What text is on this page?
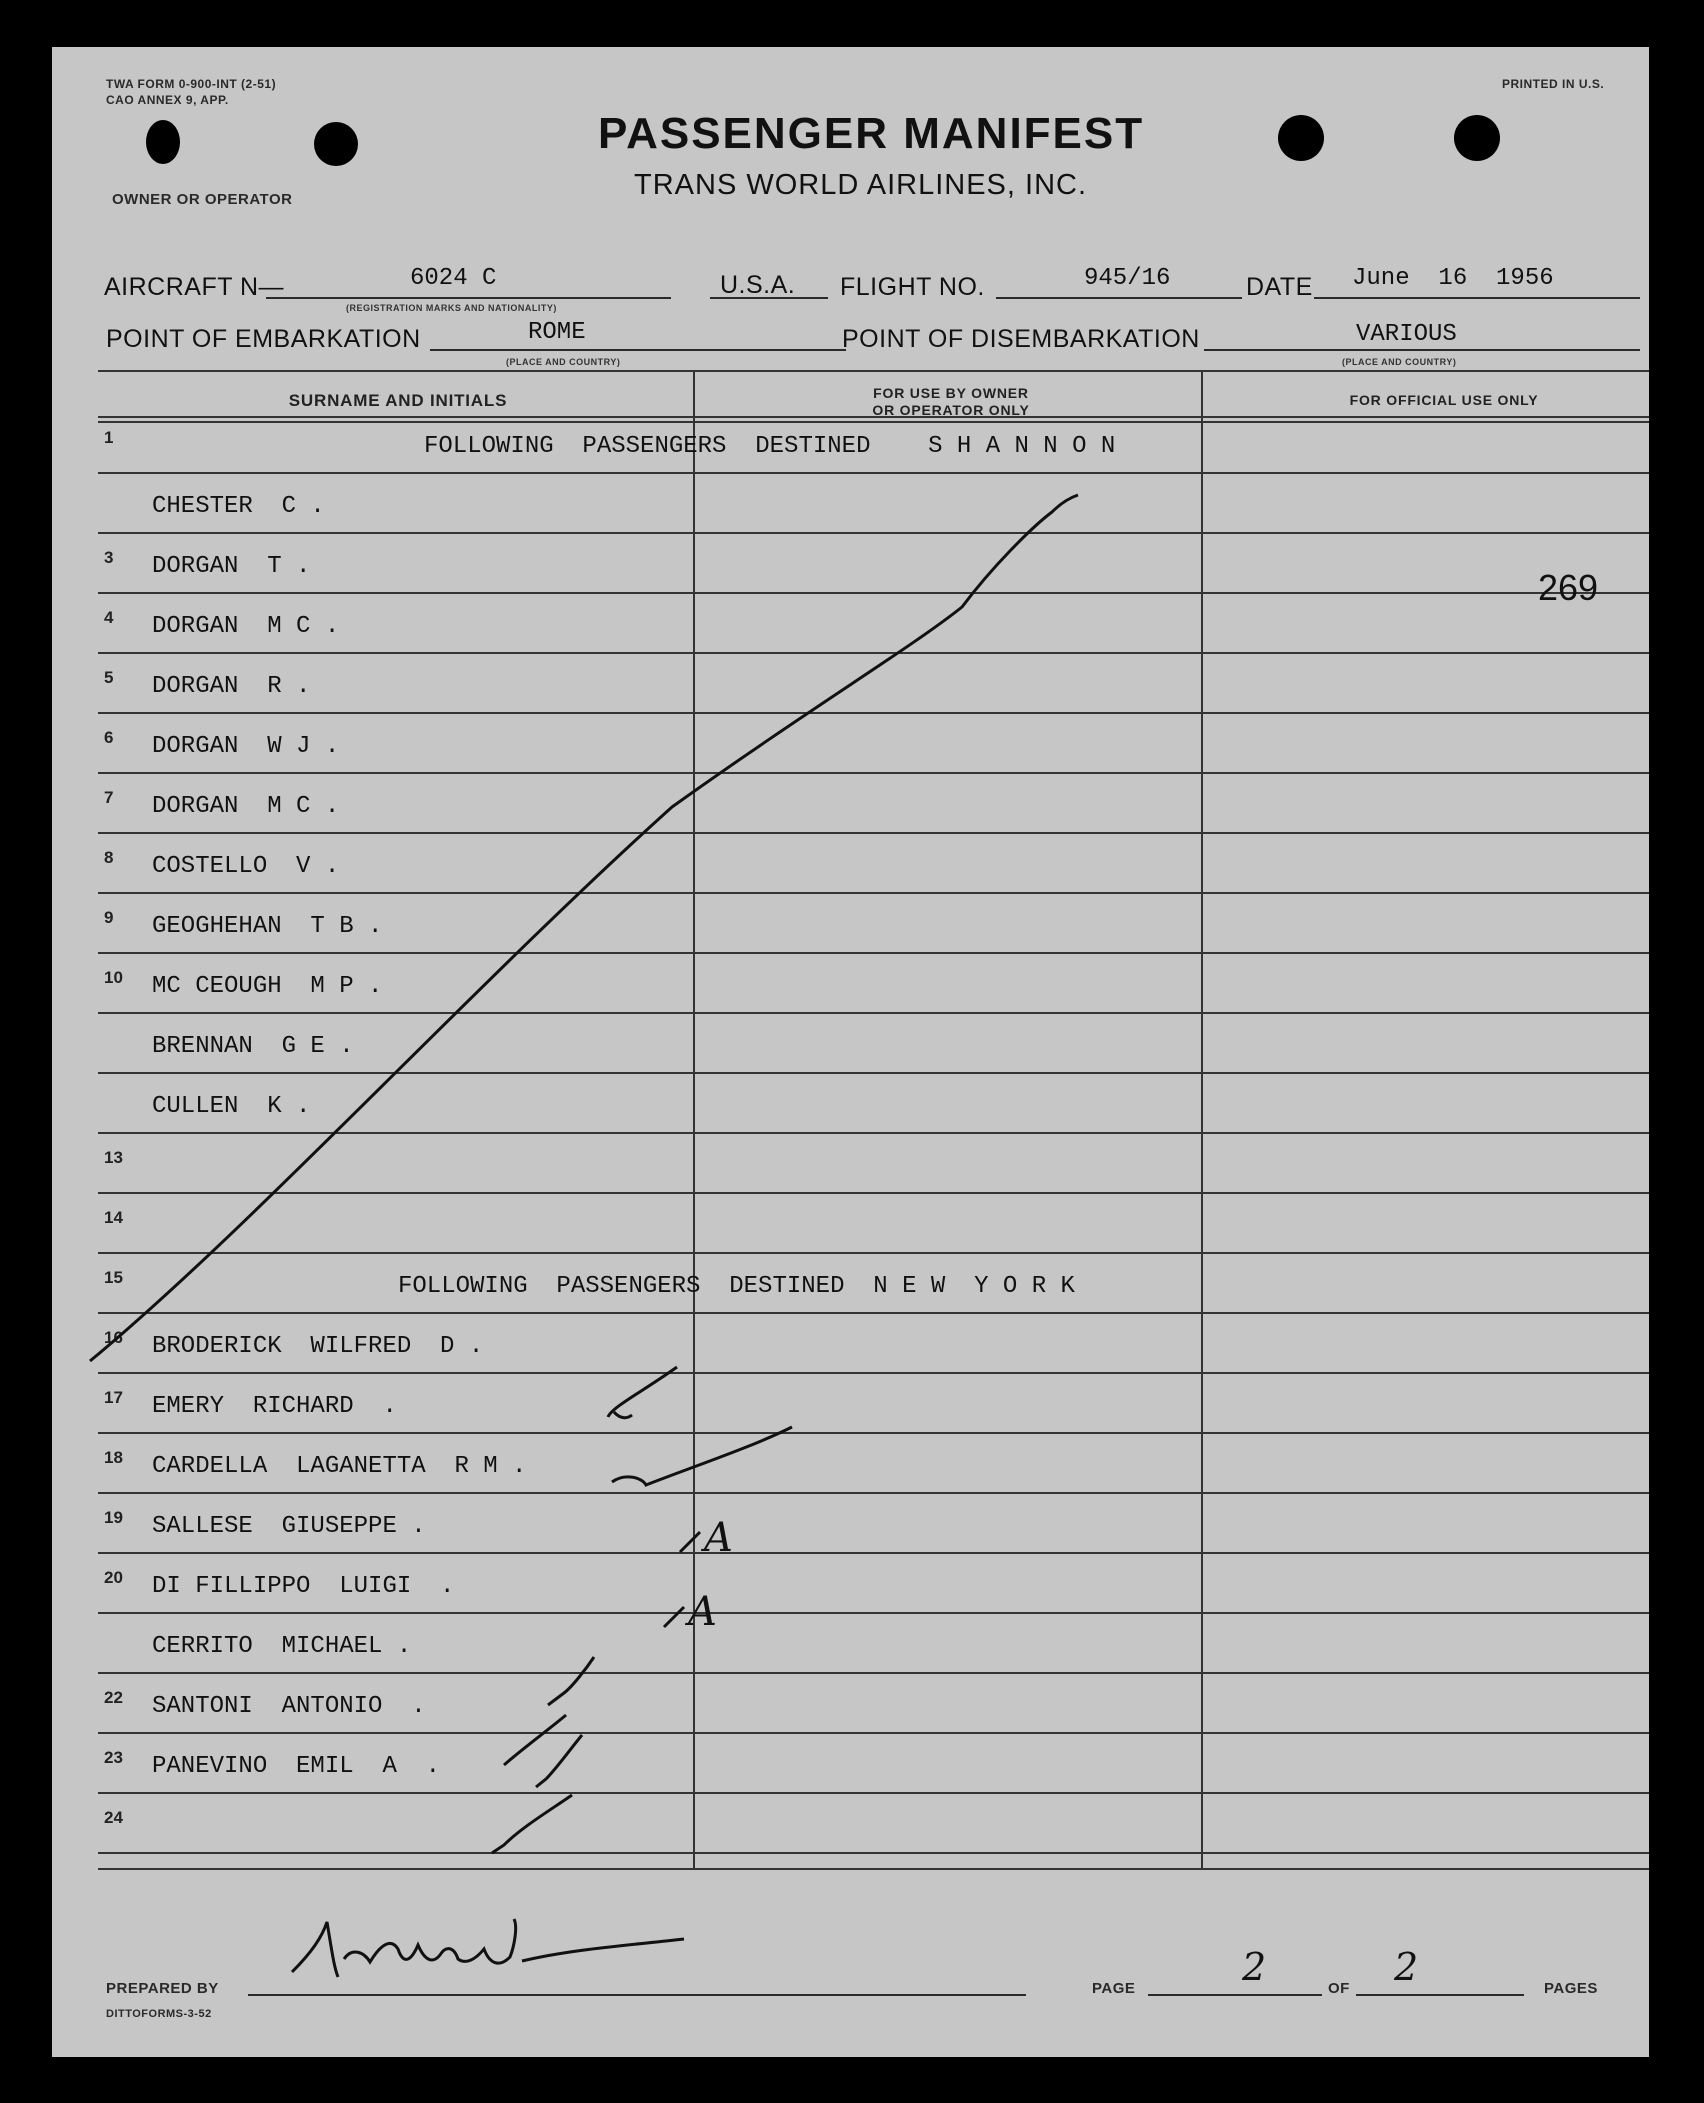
TWA FORM 0-900-INT (2-51)
CAO ANNEX 9, APP.
PRINTED IN U.S.
OWNER OR OPERATOR
PASSENGER MANIFEST
TRANS WORLD AIRLINES, INC.
AIRCRAFT N—	6024 C
(REGISTRATION MARKS AND NATIONALITY)
U.S.A. FLIGHT NO.	945/16	DATE June  16  1956
POINT OF EMBARKATION	ROME
(PLACE AND COUNTRY)
POINT OF DISEMBARKATION	VARIOUS
(PLACE AND COUNTRY)
SURNAME AND INITIALS	FOR USE BY OWNER
OR OPERATOR ONLY
FOR OFFICIAL USE ONLY
1	FOLLOWING  PASSENGERS  DESTINED    S H A N N O N
CHESTER  C .
3 DORGAN  T .
4 DORGAN  M C .
5 DORGAN  R .
6 DORGAN  W J .
7 DORGAN  M C .
8 COSTELLO  V .
9 GEOGHEHAN  T B .
10 MC CEOUGH  M P .
BRENNAN  G E .
CULLEN  K .
13
14
15	FOLLOWING  PASSENGERS  DESTINED  N E W  Y O R K
16 BRODERICK  WILFRED  D .
17 EMERY  RICHARD  .
18 CARDELLA  LAGANETTA  R M .
19 SALLESE  GIUSEPPE .
20 DI FILLIPPO  LUIGI  .
CERRITO  MICHAEL .
22 SANTONI  ANTONIO  .
23 PANEVINO  EMIL  A  .
24
269
PREPARED BY	PAGE	2	OF 2	PAGES
DITTOFORMS-3-52
A
A
